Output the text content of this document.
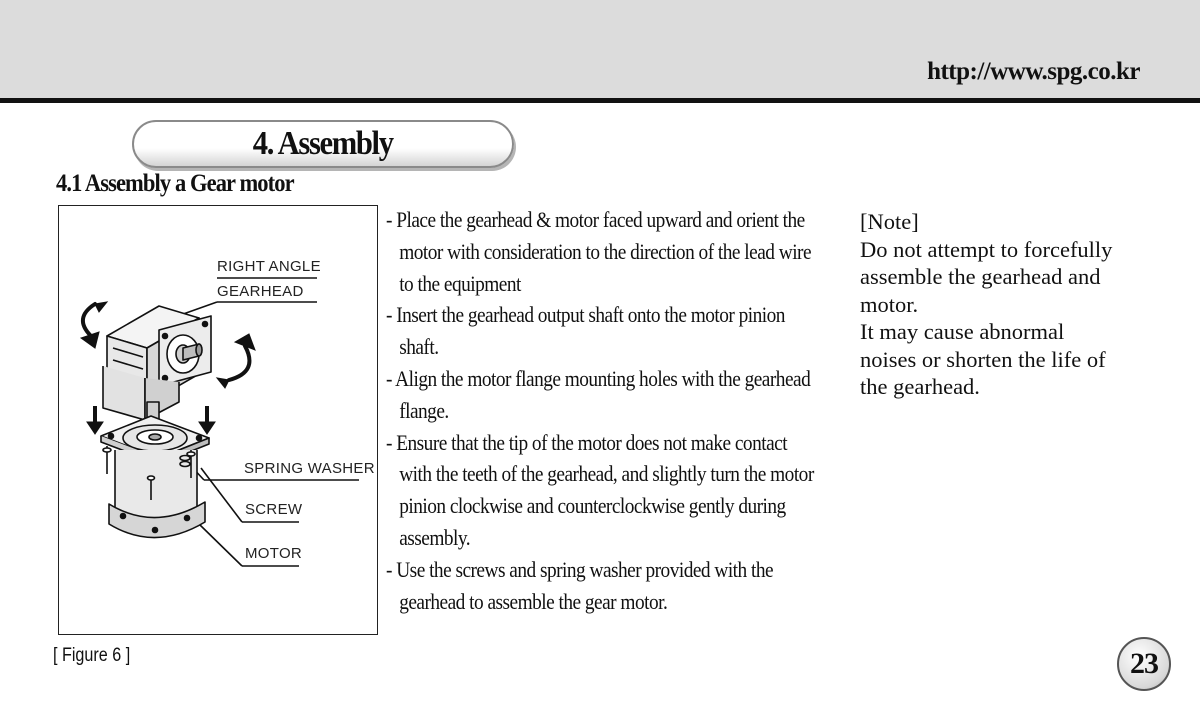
http://www.spg.co.kr
4. Assembly
4.1 Assembly a Gear motor
RIGHT ANGLE
GEARHEAD
SPRING WASHER
SCREW
MOTOR
[ Figure 6 ]
- Place the gearhead & motor faced upward and orient the motor with consideration to the direction of the lead wire to the equipment
- Insert the gearhead output shaft onto the motor pinion shaft.
- Align the motor flange mounting holes with the gearhead flange.
- Ensure that the tip of the motor does not make contact with the teeth of the gearhead, and slightly turn the motor pinion clockwise and counterclockwise gently during assembly.
- Use the screws and spring washer provided with the gearhead to assemble the gear motor.
[Note]
Do not attempt to forcefully
assemble the gearhead and
motor.
It may cause abnormal
noises or shorten the life of
the gearhead.
23
